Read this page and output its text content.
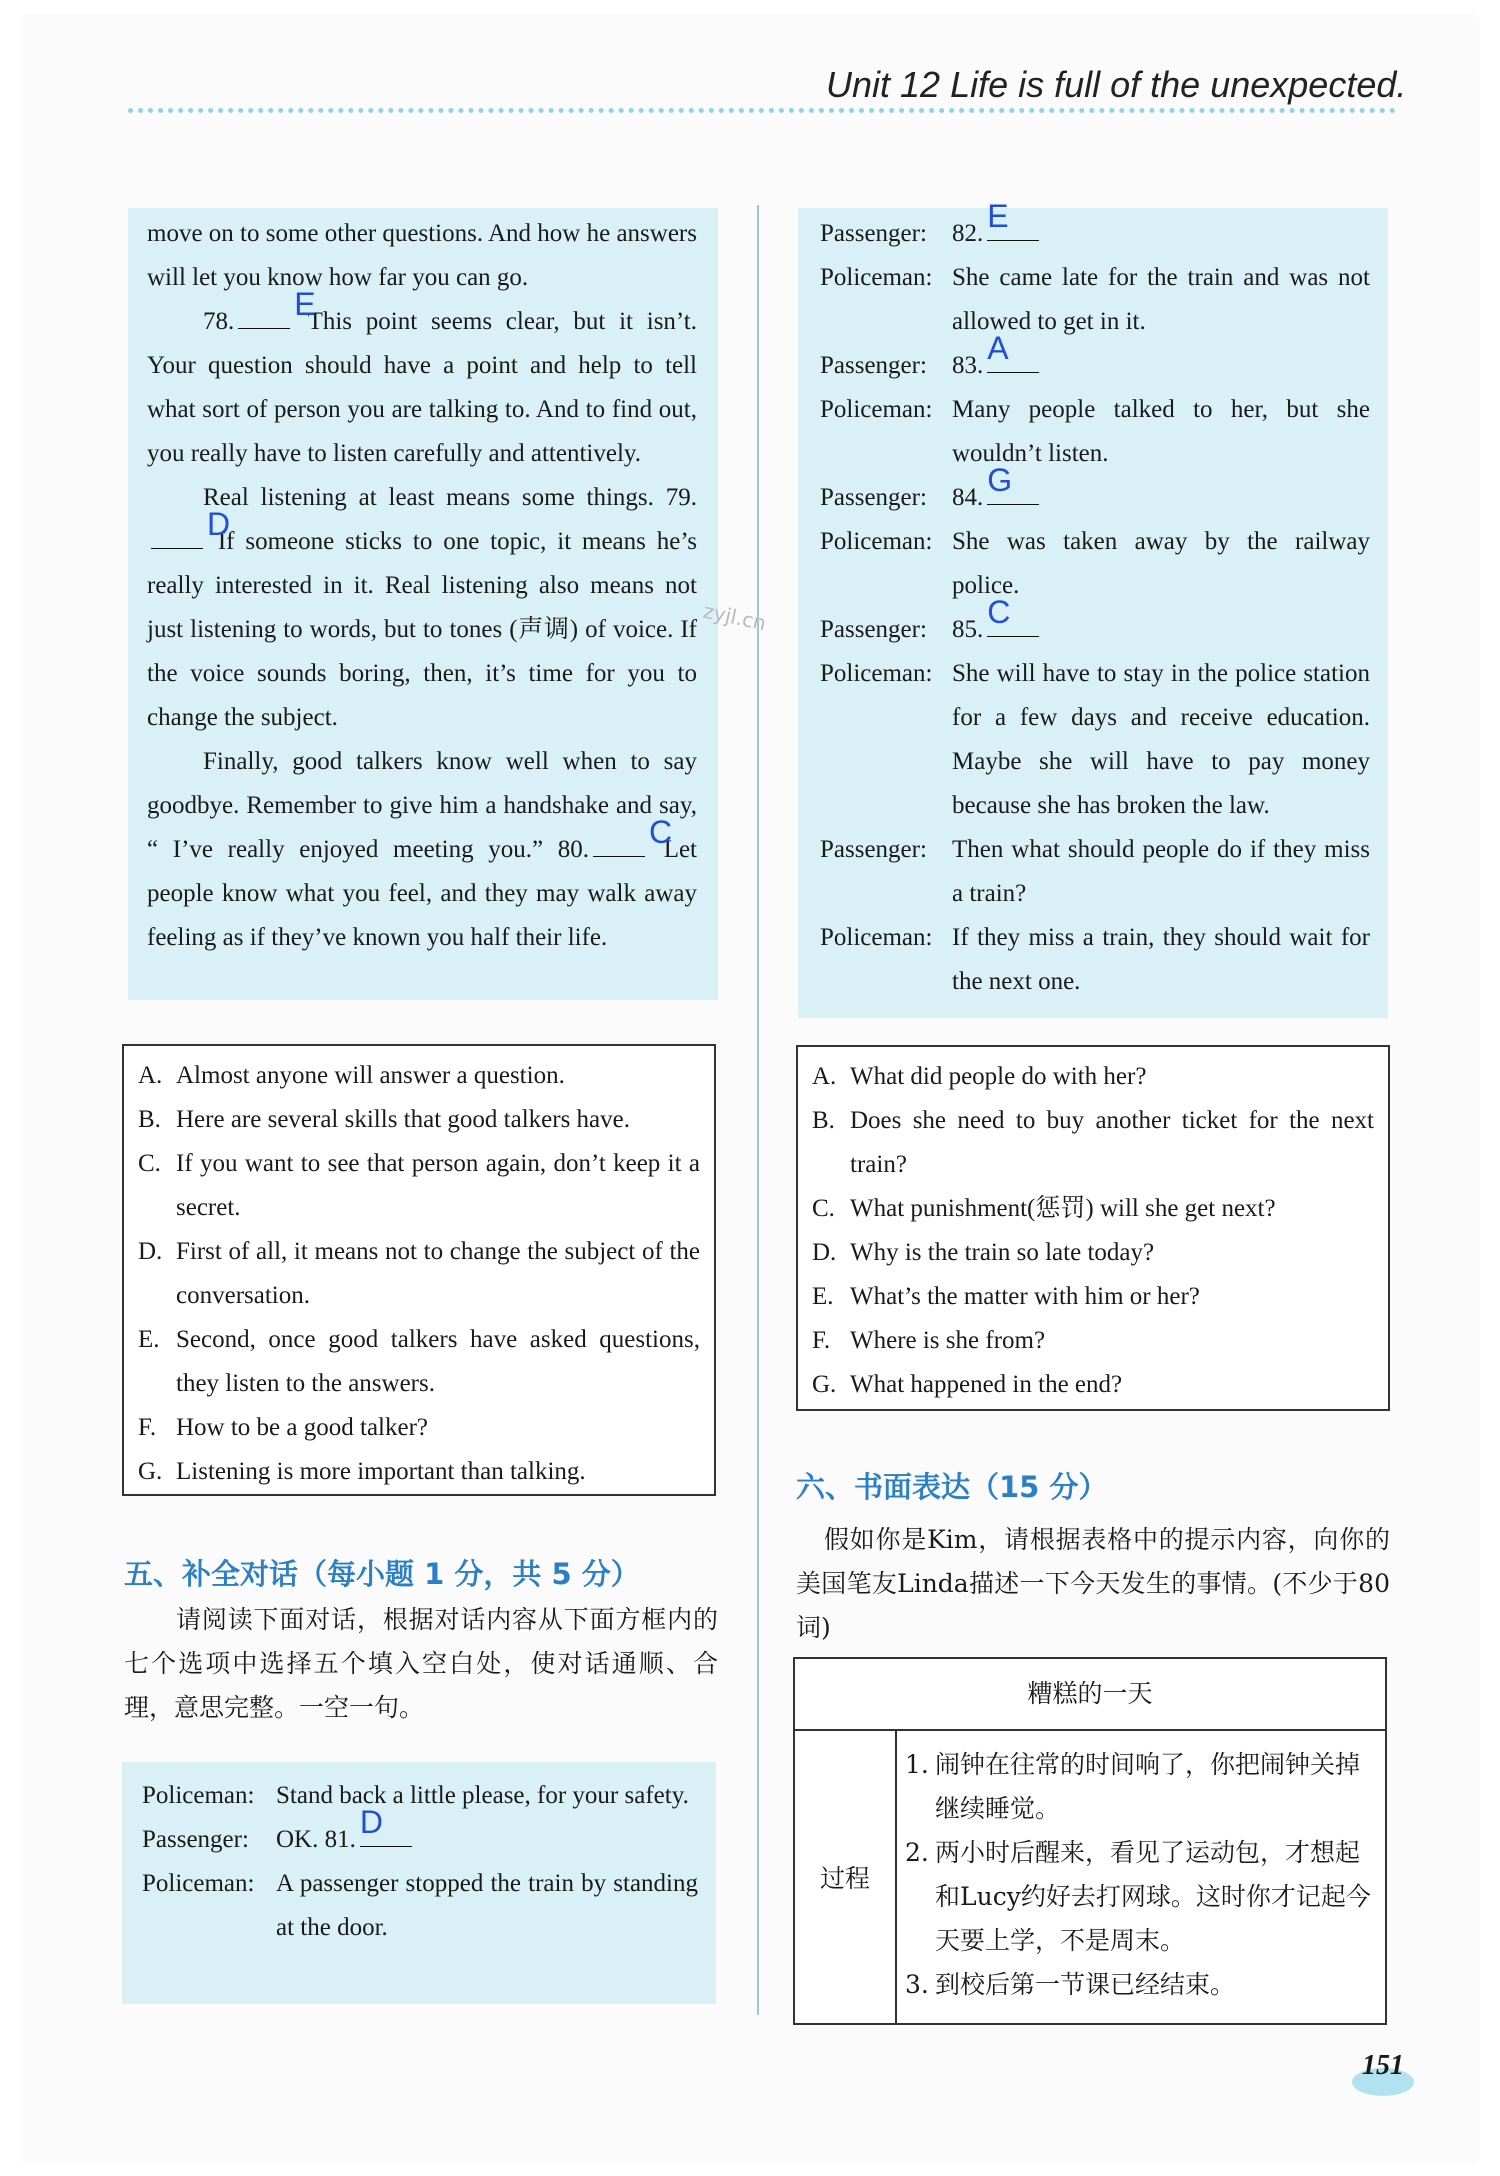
Unit 12 Life is full of the unexpected.

move on to some other questions. And how he answers will let you know how far you can go.

78.	E
This point seems clear, but it isn’t. Your question should have a point and help to tell what sort of person you are talking to. And to find out, you really have to listen carefully and attentively.

Real listening at least means some things. 79.
D
If someone sticks to one topic, it means he’s really interested in it. Real listening also means not just listening to words, but to tones (声调) of voice. If the voice sounds boring, then, it’s time for you to change the subject.

Finally, good talkers know well when to say goodbye. Remember to give him a handshake and say, “ I’ve really enjoyed meeting you.” 80.	C
Let people know what you feel, and they may walk away feeling as if they’ve known you half their life.

zyjl.cn
A. Almost anyone will answer a question.
B. Here are several skills that good talkers have.
C. If you want to see that person again, don’t keep it a secret.
D. First of all, it means not to change the subject of the conversation.
E. Second, once good talkers have asked questions, they listen to the answers.
F. How to be a good talker?
G. Listening is more important than talking.
五、补全对话（每小题 1 分，共 5 分）
请阅读下面对话，根据对话内容从下面方框内的七个选项中选择五个填入空白处，使对话通顺、合理，意思完整。一空一句。
Policeman: Stand back a little please, for your safety.
Passenger:	OK. 81. D
Policeman: A passenger stopped the train by standing at the door.
Passenger:	82. E
Policeman: She came late for the train and was not allowed to get in it.
Passenger:	83. A
Policeman: Many people talked to her, but she wouldn’t listen.
Passenger:	84. G
Policeman: She was taken away by the railway police.
Passenger:	85. C
Policeman: She will have to stay in the police station for a few days and receive education. Maybe she will have to pay money because she has broken the law.
Passenger:	Then what should people do if they miss a train?
Policeman: If they miss a train, they should wait for the next one.
A. What did people do with her?
B. Does she need to buy another ticket for the next train?
C. What punishment(惩罚) will she get next?
D. Why is the train so late today?
E. What’s the matter with him or her?
F. Where is she from?
G. What happened in the end?
六、书面表达（15 分）
假如你是Kim，请根据表格中的提示内容，向你的美国笔友Linda描述一下今天发生的事情。(不少于80词)
糟糕的一天
过程
1. 闹钟在往常的时间响了，你把闹钟关掉继续睡觉。
2. 两小时后醒来，看见了运动包，才想起和Lucy约好去打网球。这时你才记起今天要上学，不是周末。
3. 到校后第一节课已经结束。
151
